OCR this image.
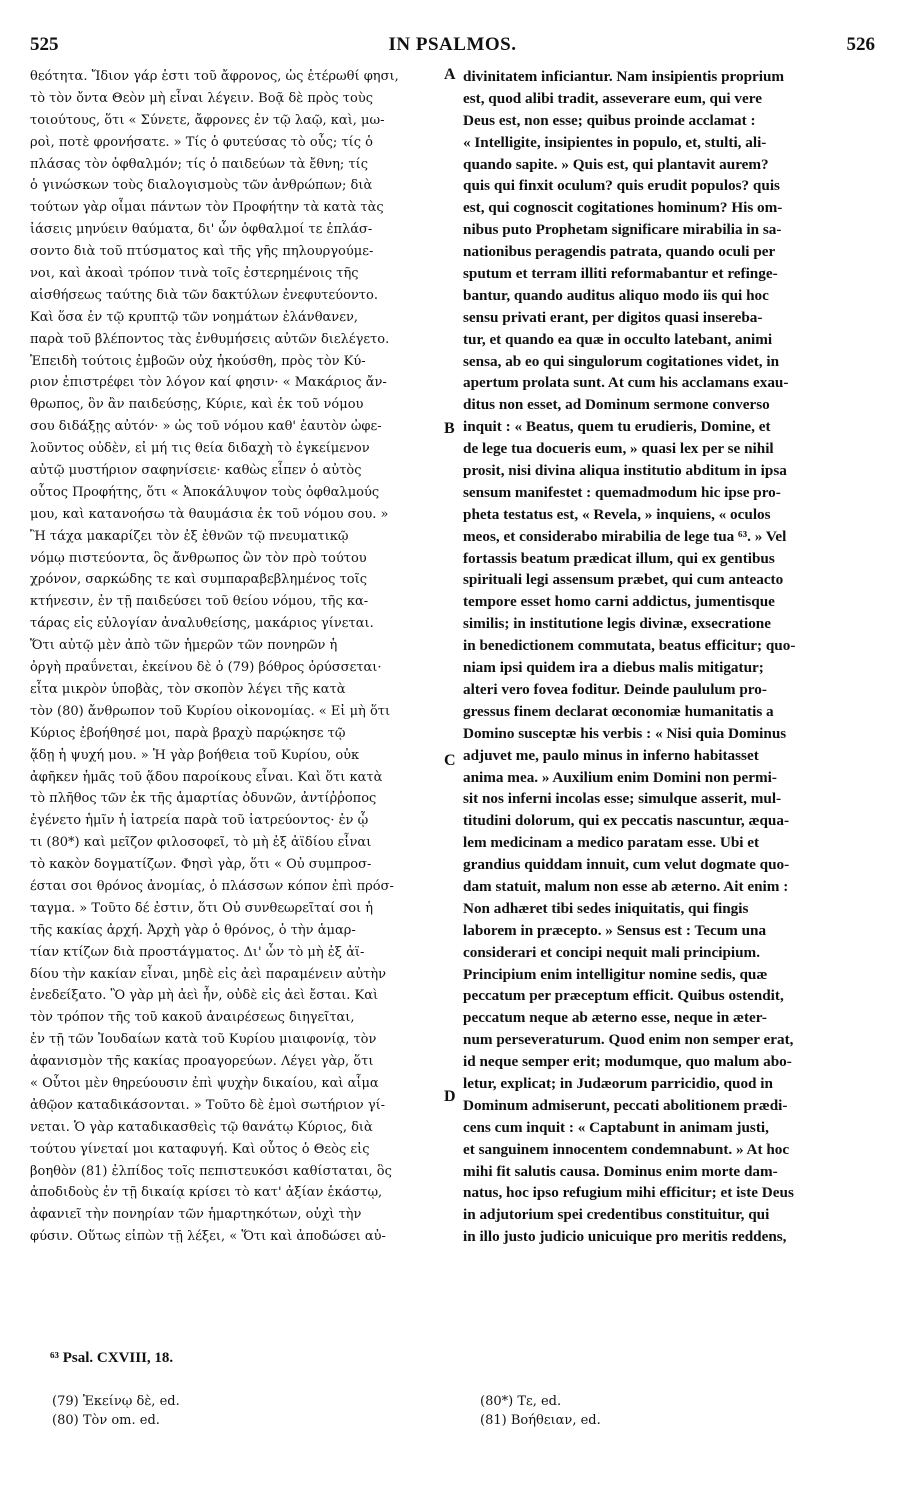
525	IN PSALMOS.	526
θεότητα. Ἴδιον γάρ ἐστι τοῦ ἄφρονος, ὡς ἑτέρωθί φησι,
τὸ τὸν ὄντα Θεὸν μὴ εἶναι λέγειν. Βοᾷ δὲ πρὸς τοὺς
τοιούτους, ὅτι « Σύνετε, ἄφρονες ἐν τῷ λαῷ, καὶ, μω-
ροὶ, ποτὲ φρονήσατε. » Τίς ὁ φυτεύσας τὸ οὖς; τίς ὁ
πλάσας τὸν ὀφθαλμόν; τίς ὁ παιδεύων τὰ ἔθνη; τίς
ὁ γινώσκων τοὺς διαλογισμοὺς τῶν ἀνθρώπων; διὰ
τούτων γὰρ οἶμαι πάντων τὸν Προφήτην τὰ κατὰ τὰς
ἰάσεις μηνύειν θαύματα, δι' ὧν ὀφθαλμοί τε ἐπλάσ-
σοντο διὰ τοῦ πτύσματος καὶ τῆς γῆς πηλουργούμε-
νοι, καὶ ἀκοαὶ τρόπον τινὰ τοῖς ἐστερημένοις τῆς
αἰσθήσεως ταύτης διὰ τῶν δακτύλων ἐνεφυτεύοντο.
Καὶ ὅσα ἐν τῷ κρυπτῷ τῶν νοημάτων ἐλάνθανεν,
παρὰ τοῦ βλέποντος τὰς ἐνθυμήσεις αὐτῶν διελέγετο.
Ἐπειδὴ τούτοις ἐμβοῶν οὐχ ἠκούσθη, πρὸς τὸν Κύ-
ριον ἐπιστρέφει τὸν λόγον καί φησιν· « Μακάριος ἄν-
θρωπος, ὃν ἂν παιδεύσῃς, Κύριε, καὶ ἐκ τοῦ νόμου
σου διδάξῃς αὐτόν· » ὡς τοῦ νόμου καθ' ἑαυτὸν ὠφε-
λοῦντος οὐδὲν, εἰ μή τις θεία διδαχὴ τὸ ἐγκείμενον
αὐτῷ μυστήριον σαφηνίσειε· καθὼς εἶπεν ὁ αὐτὸς
οὗτος Προφήτης, ὅτι « Ἀποκάλυψον τοὺς ὀφθαλμούς
μου, καὶ κατανοήσω τὰ θαυμάσια ἐκ τοῦ νόμου σου. »
Ἢ τάχα μακαρίζει τὸν ἐξ ἐθνῶν τῷ πνευματικῷ
νόμῳ πιστεύοντα, ὃς ἄνθρωπος ὢν τὸν πρὸ τούτου
χρόνον, σαρκώδης τε καὶ συμπαραβεβλημένος τοῖς
κτήνεσιν, ἐν τῇ παιδεύσει τοῦ θείου νόμου, τῆς κα-
τάρας εἰς εὐλογίαν ἀναλυθείσης, μακάριος γίνεται.
Ὅτι αὐτῷ μὲν ἀπὸ τῶν ἡμερῶν τῶν πονηρῶν ἡ
ὀργὴ πραΰνεται, ἐκείνου δὲ ὁ (79) βόθρος ὀρύσσεται·
εἶτα μικρὸν ὑποβὰς, τὸν σκοπὸν λέγει τῆς κατὰ
τὸν (80) ἄνθρωπον τοῦ Κυρίου οἰκονομίας. « Εἰ μὴ ὅτι
Κύριος ἐβοήθησέ μοι, παρὰ βραχὺ παρῴκησε τῷ
ᾅδῃ ἡ ψυχή μου. » Ἡ γὰρ βοήθεια τοῦ Κυρίου, οὐκ
ἀφῆκεν ἡμᾶς τοῦ ᾅδου παροίκους εἶναι. Καὶ ὅτι κατὰ
τὸ πλῆθος τῶν ἐκ τῆς ἁμαρτίας ὀδυνῶν, ἀντίῤῥοπος
ἐγένετο ἡμῖν ἡ ἰατρεία παρὰ τοῦ ἰατρεύοντος· ἐν ᾧ
τι (80*) καὶ μεῖζον φιλοσοφεῖ, τὸ μὴ ἐξ ἀϊδίου εἶναι
τὸ κακὸν δογματίζων. Φησὶ γὰρ, ὅτι « Οὐ συμπροσ-
έσται σοι θρόνος ἀνομίας, ὁ πλάσσων κόπον ἐπὶ πρόσ-
ταγμα. » Τοῦτο δέ ἐστιν, ὅτι Οὐ συνθεωρεῖταί σοι ἡ
τῆς κακίας ἀρχή. Ἀρχὴ γὰρ ὁ θρόνος, ὁ τὴν ἁμαρ-
τίαν κτίζων διὰ προστάγματος. Δι' ὧν τὸ μὴ ἐξ ἀϊ-
δίου τὴν κακίαν εἶναι, μηδὲ εἰς ἀεὶ παραμένειν αὐτὴν
ἐνεδείξατο. Ὃ γὰρ μὴ ἀεὶ ἦν, οὐδὲ εἰς ἀεὶ ἔσται. Καὶ
τὸν τρόπον τῆς τοῦ κακοῦ ἀναιρέσεως διηγεῖται,
ἐν τῇ τῶν Ἰουδαίων κατὰ τοῦ Κυρίου μιαιφονίᾳ, τὸν
ἀφανισμὸν τῆς κακίας προαγορεύων. Λέγει γὰρ, ὅτι
« Οὗτοι μὲν θηρεύουσιν ἐπὶ ψυχὴν δικαίου, καὶ αἷμα
ἀθῷον καταδικάσονται. » Τοῦτο δὲ ἐμοὶ σωτήριον γί-
νεται. Ὁ γὰρ καταδικασθεὶς τῷ θανάτῳ Κύριος, διὰ
τούτου γίνεταί μοι καταφυγή. Καὶ οὗτος ὁ Θεὸς εἰς
βοηθὸν (81) ἐλπίδος τοῖς πεπιστευκόσι καθίσταται, ὃς
ἀποδιδοὺς ἐν τῇ δικαίᾳ κρίσει τὸ κατ' ἀξίαν ἑκάστῳ,
ἀφανιεῖ τὴν πονηρίαν τῶν ἡμαρτηκότων, οὐχὶ τὴν
φύσιν. Οὕτως εἰπὼν τῇ λέξει, « Ὅτι καὶ ἀποδώσει αὐ-
divinitatem inficiantur. Nam insipientis proprium
est, quod alibi tradit, asseverare eum, qui vere
Deus est, non esse; quibus proinde acclamat :
« Intelligite, insipientes in populo, et, stulti, ali-
quando sapite. » Quis est, qui plantavit aurem?
quis qui finxit oculum? quis erudit populos? quis
est, qui cognoscit cogitationes hominum? His om-
nibus puto Prophetam significare mirabilia in sa-
nationibus peragendis patrata, quando oculi per
sputum et terram illiti reformabantur et refinge-
bantur, quando auditus aliquo modo iis qui hoc
sensu privati erant, per digitos quasi insereba-
tur, et quando ea quæ in occulto latebant, animi
sensa, ab eo qui singulorum cogitationes videt, in
apertum prolata sunt. At cum his acclamans exau-
ditus non esset, ad Dominum sermone converso
inquit : « Beatus, quem tu erudieris, Domine, et
de lege tua docueris eum, » quasi lex per se nihil
prosit, nisi divina aliqua institutio abditum in ipsa
sensum manifestet : quemadmodum hic ipse pro-
pheta testatus est, « Revela, » inquiens, « oculos
meos, et considerabo mirabilia de lege tua ⁶³. » Vel
fortassis beatum prædicat illum, qui ex gentibus
spirituali legi assensum præbet, qui cum anteacto
tempore esset homo carni addictus, jumentisque
similis; in institutione legis divinæ, exsecratione
in benedictionem commutata, beatus efficitur; quo-
niam ipsi quidem ira a diebus malis mitigatur;
alteri vero fovea foditur. Deinde paululum pro-
gressus finem declarat œconomiæ humanitatis a
Domino susceptæ his verbis : « Nisi quia Dominus
adjuvet me, paulo minus in inferno habitasset
anima mea. » Auxilium enim Domini non permi-
sit nos inferni incolas esse; simulque asserit, mul-
titudini dolorum, qui ex peccatis nascuntur, æqua-
lem medicinam a medico paratam esse. Ubi et
grandius quiddam innuit, cum velut dogmate quo-
dam statuit, malum non esse ab æterno. Ait enim :
Non adhæret tibi sedes iniquitatis, qui fingis
laborem in præcepto. » Sensus est : Tecum una
considerari et concipi nequit mali principium.
Principium enim intelligitur nomine sedis, quæ
peccatum per præceptum efficit. Quibus ostendit,
peccatum neque ab æterno esse, neque in æter-
num perseveraturum. Quod enim non semper erat,
id neque semper erit; modumque, quo malum abo-
letur, explicat; in Judæorum parricidio, quod in
Dominum admiserunt, peccati abolitionem prædi-
cens cum inquit : « Captabunt in animam justi,
et sanguinem innocentem condemnabunt. » At hoc
mihi fit salutis causa. Dominus enim morte dam-
natus, hoc ipso refugium mihi efficitur; et iste Deus
in adjutorium spei credentibus constituitur, qui
in illo justo judicio unicuique pro meritis reddens,
A
B
C
D
⁶³ Psal. CXVIII, 18.
(79) Ἐκείνῳ δὲ, ed.
(80) Τὸν om. ed.
(80*) Τε, ed.
(81) Βοήθειαν, ed.
